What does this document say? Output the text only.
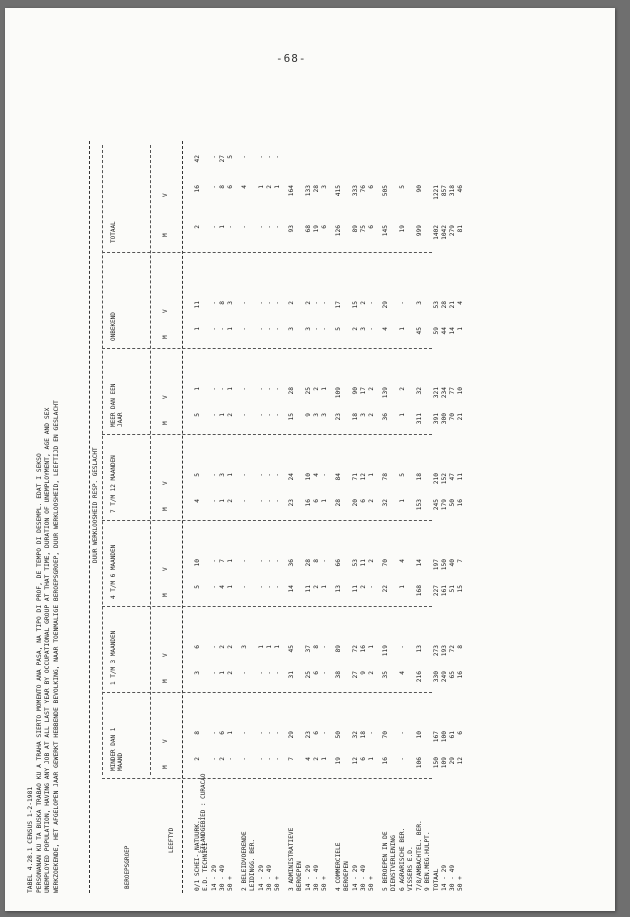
-68-
TABEL 4.28.1 CENSUS 1-2-1981 PERSONANAN KU TA BUSKA TRABAO KU A TRAHA SIERTO MOMENTO ANA PASA, NA TIPO DI PROF, DE TEMPO DI DESEMPL. EDAT I SEKSO UNEMPLOYED POPULATION, HAVING ANY JOB AT ALL LAST YEAR BY OCCUPATIONAL GROUP AT THAT TIME, DURATION OF UNEMPLOYMENT, AGE AND SEX WERKZOEKENDE, HET AFGELOPEN JAAR GEWERKT HEBBENDE BEVOLKING, NAAR TOENMALIGE BEROEPSGROEP, DUUR WERKLOOSHEID, LEEFTIJD EN GESLACHT	BEROEPSGROEP
LEEFTYD
DUUR WERKLOOSHEID RESP. GESLACHT
MINDER DAN 1 MAAND
1 T/M 3 MAANDEN
4 T/M 6 MAANDEN
7 T/M 12 MAANDEN
MEER DAN EEN JAAR
ONBEKEND
TOTAAL
EILANDGEBIED : CURACAO
M
V
M
V
M
V
M
V
M
V
M
V
M
V
0/1 SCHEI-,NATUURK.,
2
8
3
6
5
10
4
5
5
1
1
11
2
16
42
E.D. TECHNICI 14 - 29
-
-
-
-
-
-
-
-
-
-
-
-
-
-
-
30 - 49
2
6
1
2
4
7
1
3
1
-
-
8
1
8
27
50 +
-
1
2
2
1
1
2
1
2
1
1
3
-
6
5
2 BELEIDVOERENDE
-
-
-
3
-
-
-
-
-
-
-
-
-
4
-
LEIDINGG. BER. 14 - 29
-
-
-
1
-
-
-
-
-
-
-
-
-
1
-
30 - 49
-
-
-
1
-
-
-
-
-
-
-
-
-
2
-
50 +
-
-
-
1
-
-
-
-
-
-
-
-
-
1
-
3 ADMINISTRATIEVE
7
29
31
45
14
36
23
24
15
28
3
2
93
164
BEROEPEN 14 - 29
4
23
25
37
11
28
16
10
9
25
3
2
68
133
30 - 49
2
6
6
8
2
8
6
4
3
2
-
-
19
28
50 +
1
-
-
-
1
-
1
-
3
1
-
-
6
3
4 COMMERCIELE
19
50
38
89
13
66
28
84
23
109
5
17
126
415
BEROEPEN 14 - 29
12
32
27
72
11
53
20
71
18
90
2
15
89
333
30 - 49
6
18
9
16
2
11
6
12
3
17
3
2
75
76
50 +
1
-
2
1
-
2
2
1
2
2
-
-
6
6
5 BEROEPEN IN DE
16
70
35
119
22
70
32
78
36
139
4
29
145
505
DIENSTVERLENING 6 AGRARISCHE BER.
-
-
4
-
1
4
1
5
1
2
1
-
19
5
VISSERS E.D. 7/8/AMBACHTEL. BER.
106
10
216
13
168
14
153
18
311
32
45
3
999
90
9 BEN.MEG.HULPT. TOTAAL
150
167
330
273
227
197
245
210
391
321
59
53
1402
1221
14 - 29
109
100
249
193
161
150
179
152
300
234
44
28
1042
857
30 - 49
29
61
65
72
51
40
50
47
70
77
14
21
279
318
50 +
12
6
16
8
15
7
16
11
21
10
1
4
81
46
